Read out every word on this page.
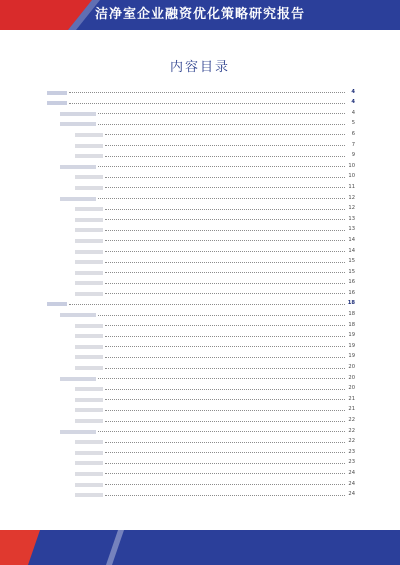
洁净室企业融资优化策略研究报告
内容目录
4
4
4
5
6
7
9
10
10
11
12
12
13
13
14
14
15
15
16
16
18
18
18
19
19
19
20
20
20
21
21
22
22
22
23
23
24
24
24
